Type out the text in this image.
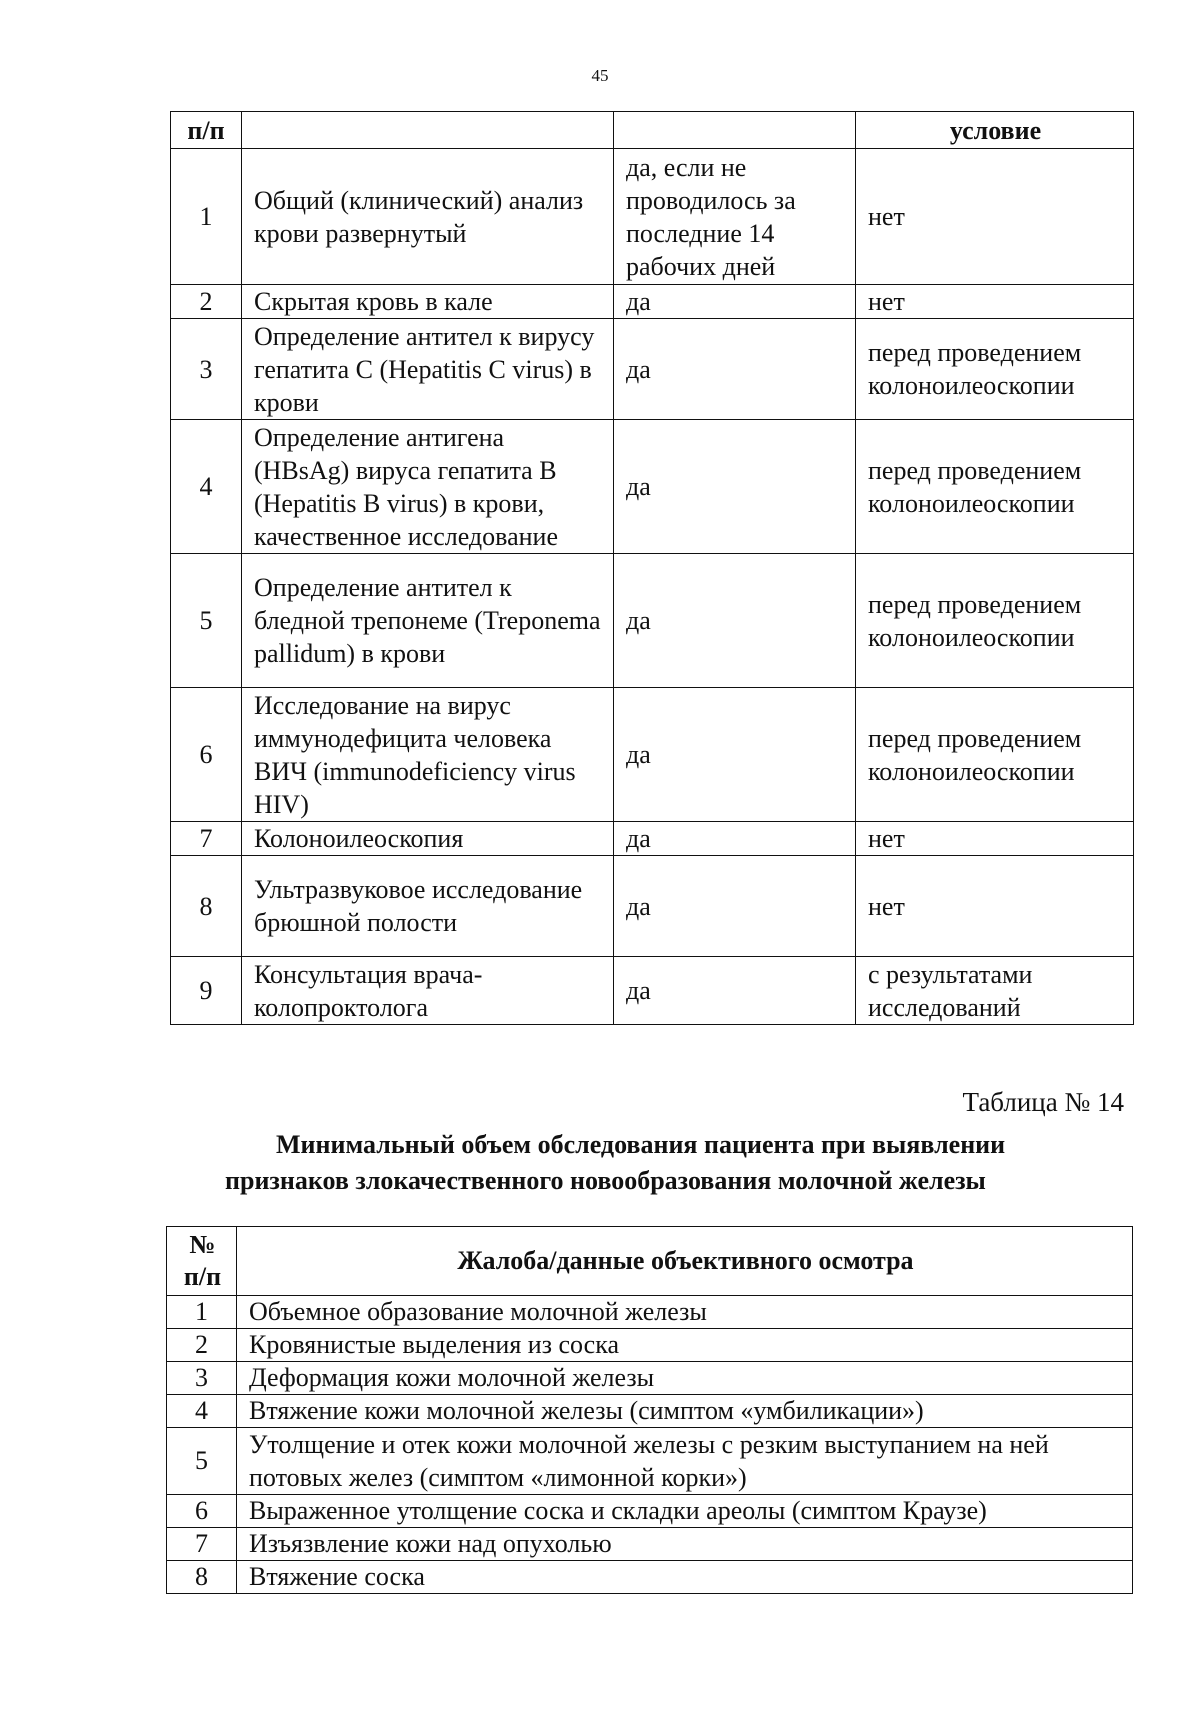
45
п/п			условие
1	Общий (клинический) анализ крови развернутый	да, если не проводилось за последние 14 рабочих дней	нет
2	Скрытая кровь в кале	да	нет
3	Определение антител к вирусу гепатита С (Hepatitis C virus) в крови	да	перед проведением колоноилеоскопии
4	Определение антигена (HBsAg) вируса гепатита В (Hepatitis В virus) в крови, качественное исследование	да	перед проведением колоноилеоскопии
5	Определение антител к бледной трепонеме (Treponema pallidum) в крови	да	перед проведением колоноилеоскопии
6	Исследование на вирус иммунодефицита человека ВИЧ (immunodeficiency virus HIV)	да	перед проведением колоноилеоскопии
7	Колоноилеоскопия	да	нет
8	Ультразвуковое исследование брюшной полости	да	нет
9	Консультация врача-колопроктолога	да	с результатами исследований
Таблица № 14
Минимальный объем обследования пациента при выявлении
признаков злокачественного новообразования молочной железы
№
п/п	Жалоба/данные объективного осмотра
1	Объемное образование молочной железы
2	Кровянистые выделения из соска
3	Деформация кожи молочной железы
4	Втяжение кожи молочной железы (симптом «умбиликации»)
5	Утолщение и отек кожи молочной железы с резким выступанием на ней потовых желез (симптом «лимонной корки»)
6	Выраженное утолщение соска и складки ареолы (симптом Краузе)
7	Изъязвление кожи над опухолью
8	Втяжение соска
